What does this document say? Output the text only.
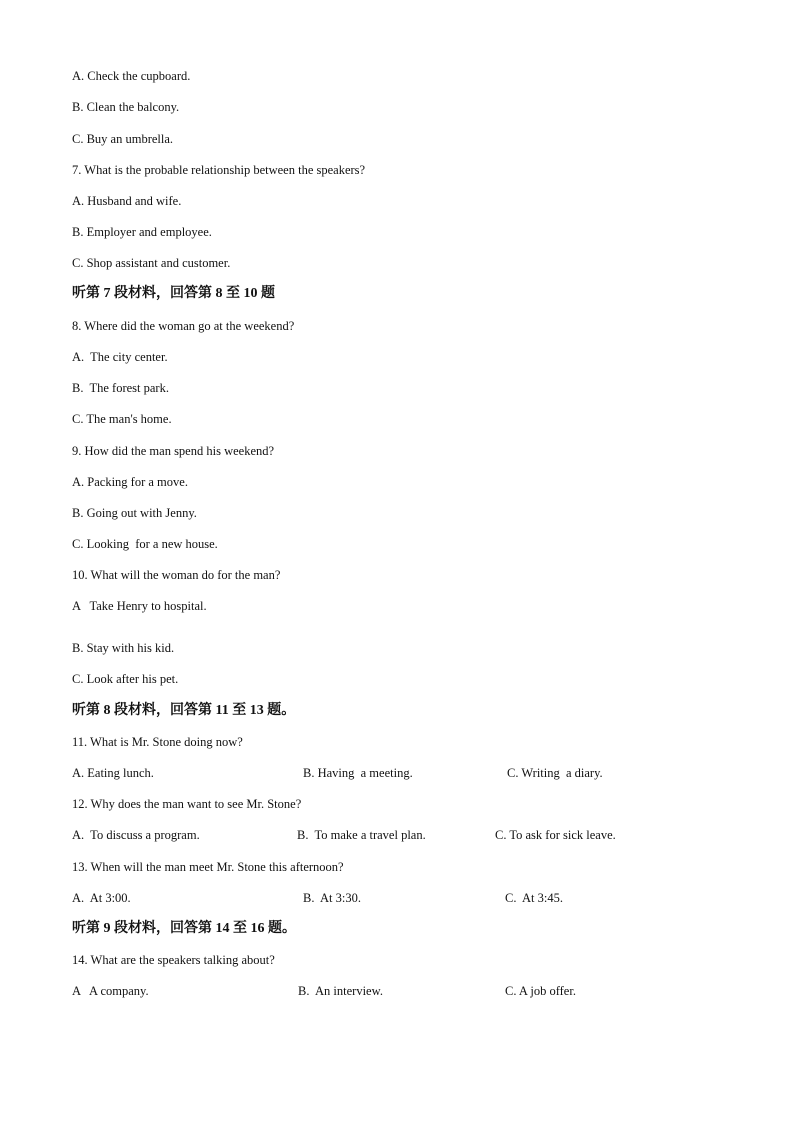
A. Check the cupboard.
B. Clean the balcony.
C. Buy an umbrella.
7. What is the probable relationship between the speakers?
A. Husband and wife.
B. Employer and employee.
C. Shop assistant and customer.
听第 7 段材料，回答第 8 至 10 题
8. Where did the woman go at the weekend?
A.  The city center.
B.  The forest park.
C. The man's home.
9. How did the man spend his weekend?
A. Packing for a move.
B. Going out with Jenny.
C. Looking  for a new house.
10. What will the woman do for the man?
A   Take Henry to hospital.
B. Stay with his kid.
C. Look after his pet.
听第 8 段材料，回答第 11 至 13 题。
11. What is Mr. Stone doing now?
A. Eating lunch.	B. Having  a meeting.	C. Writing  a diary.
12. Why does the man want to see Mr. Stone?
A.  To discuss a program.	B.  To make a travel plan.	C. To ask for sick leave.
13. When will the man meet Mr. Stone this afternoon?
A.  At 3:00.	B.  At 3:30.	C.  At 3:45.
听第 9 段材料，回答第 14 至 16 题。
14. What are the speakers talking about?
A   A company.	B.  An interview.	C. A job offer.
